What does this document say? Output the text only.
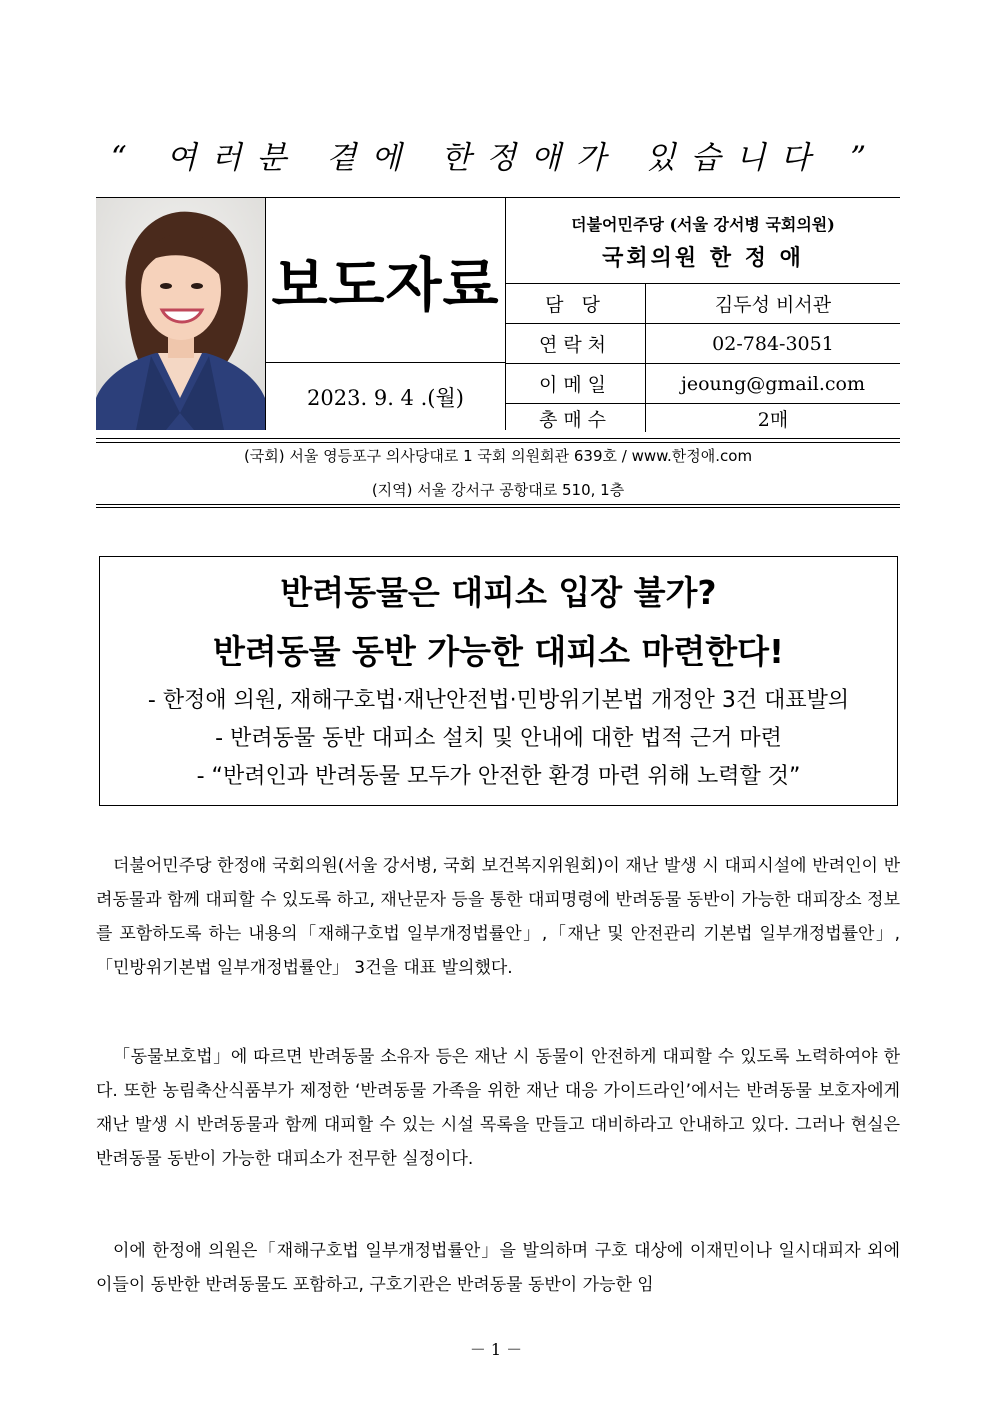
“ 여러분 곁에 한정애가 있습니다 ”
보도자료
2023. 9. 4 .(월)
더불어민주당 (서울 강서병 국회의원)
국회의원 한 정 애
담 당	김두성 비서관
연락처	02-784-3051
이메일	jeoung@gmail.com
총매수	2매
(국회) 서울 영등포구 의사당대로 1 국회 의원회관 639호 / www.한정애.com
(지역) 서울 강서구 공항대로 510, 1층
반려동물은 대피소 입장 불가?
반려동물 동반 가능한 대피소 마련한다!
- 한정애 의원, 재해구호법·재난안전법·민방위기본법 개정안 3건 대표발의
- 반려동물 동반 대피소 설치 및 안내에 대한 법적 근거 마련
- “반려인과 반려동물 모두가 안전한 환경 마련 위해 노력할 것”
더불어민주당 한정애 국회의원(서울 강서병, 국회 보건복지위원회)이 재난 발생 시 대피시설에 반려인이 반려동물과 함께 대피할 수 있도록 하고, 재난문자 등을 통한 대피명령에 반려동물 동반이 가능한 대피장소 정보를 포함하도록 하는 내용의「재해구호법 일부개정법률안」,「재난 및 안전관리 기본법 일부개정법률안」,「민방위기본법 일부개정법률안」 3건을 대표 발의했다.
「동물보호법」에 따르면 반려동물 소유자 등은 재난 시 동물이 안전하게 대피할 수 있도록 노력하여야 한다. 또한 농림축산식품부가 제정한 ‘반려동물 가족을 위한 재난 대응 가이드라인’에서는 반려동물 보호자에게 재난 발생 시 반려동물과 함께 대피할 수 있는 시설 목록을 만들고 대비하라고 안내하고 있다. 그러나 현실은 반려동물 동반이 가능한 대피소가 전무한 실정이다.
이에 한정애 의원은「재해구호법 일부개정법률안」을 발의하며 구호 대상에 이재민이나 일시대피자 외에 이들이 동반한 반려동물도 포함하고, 구호기관은 반려동물 동반이 가능한 임
－ 1 －
